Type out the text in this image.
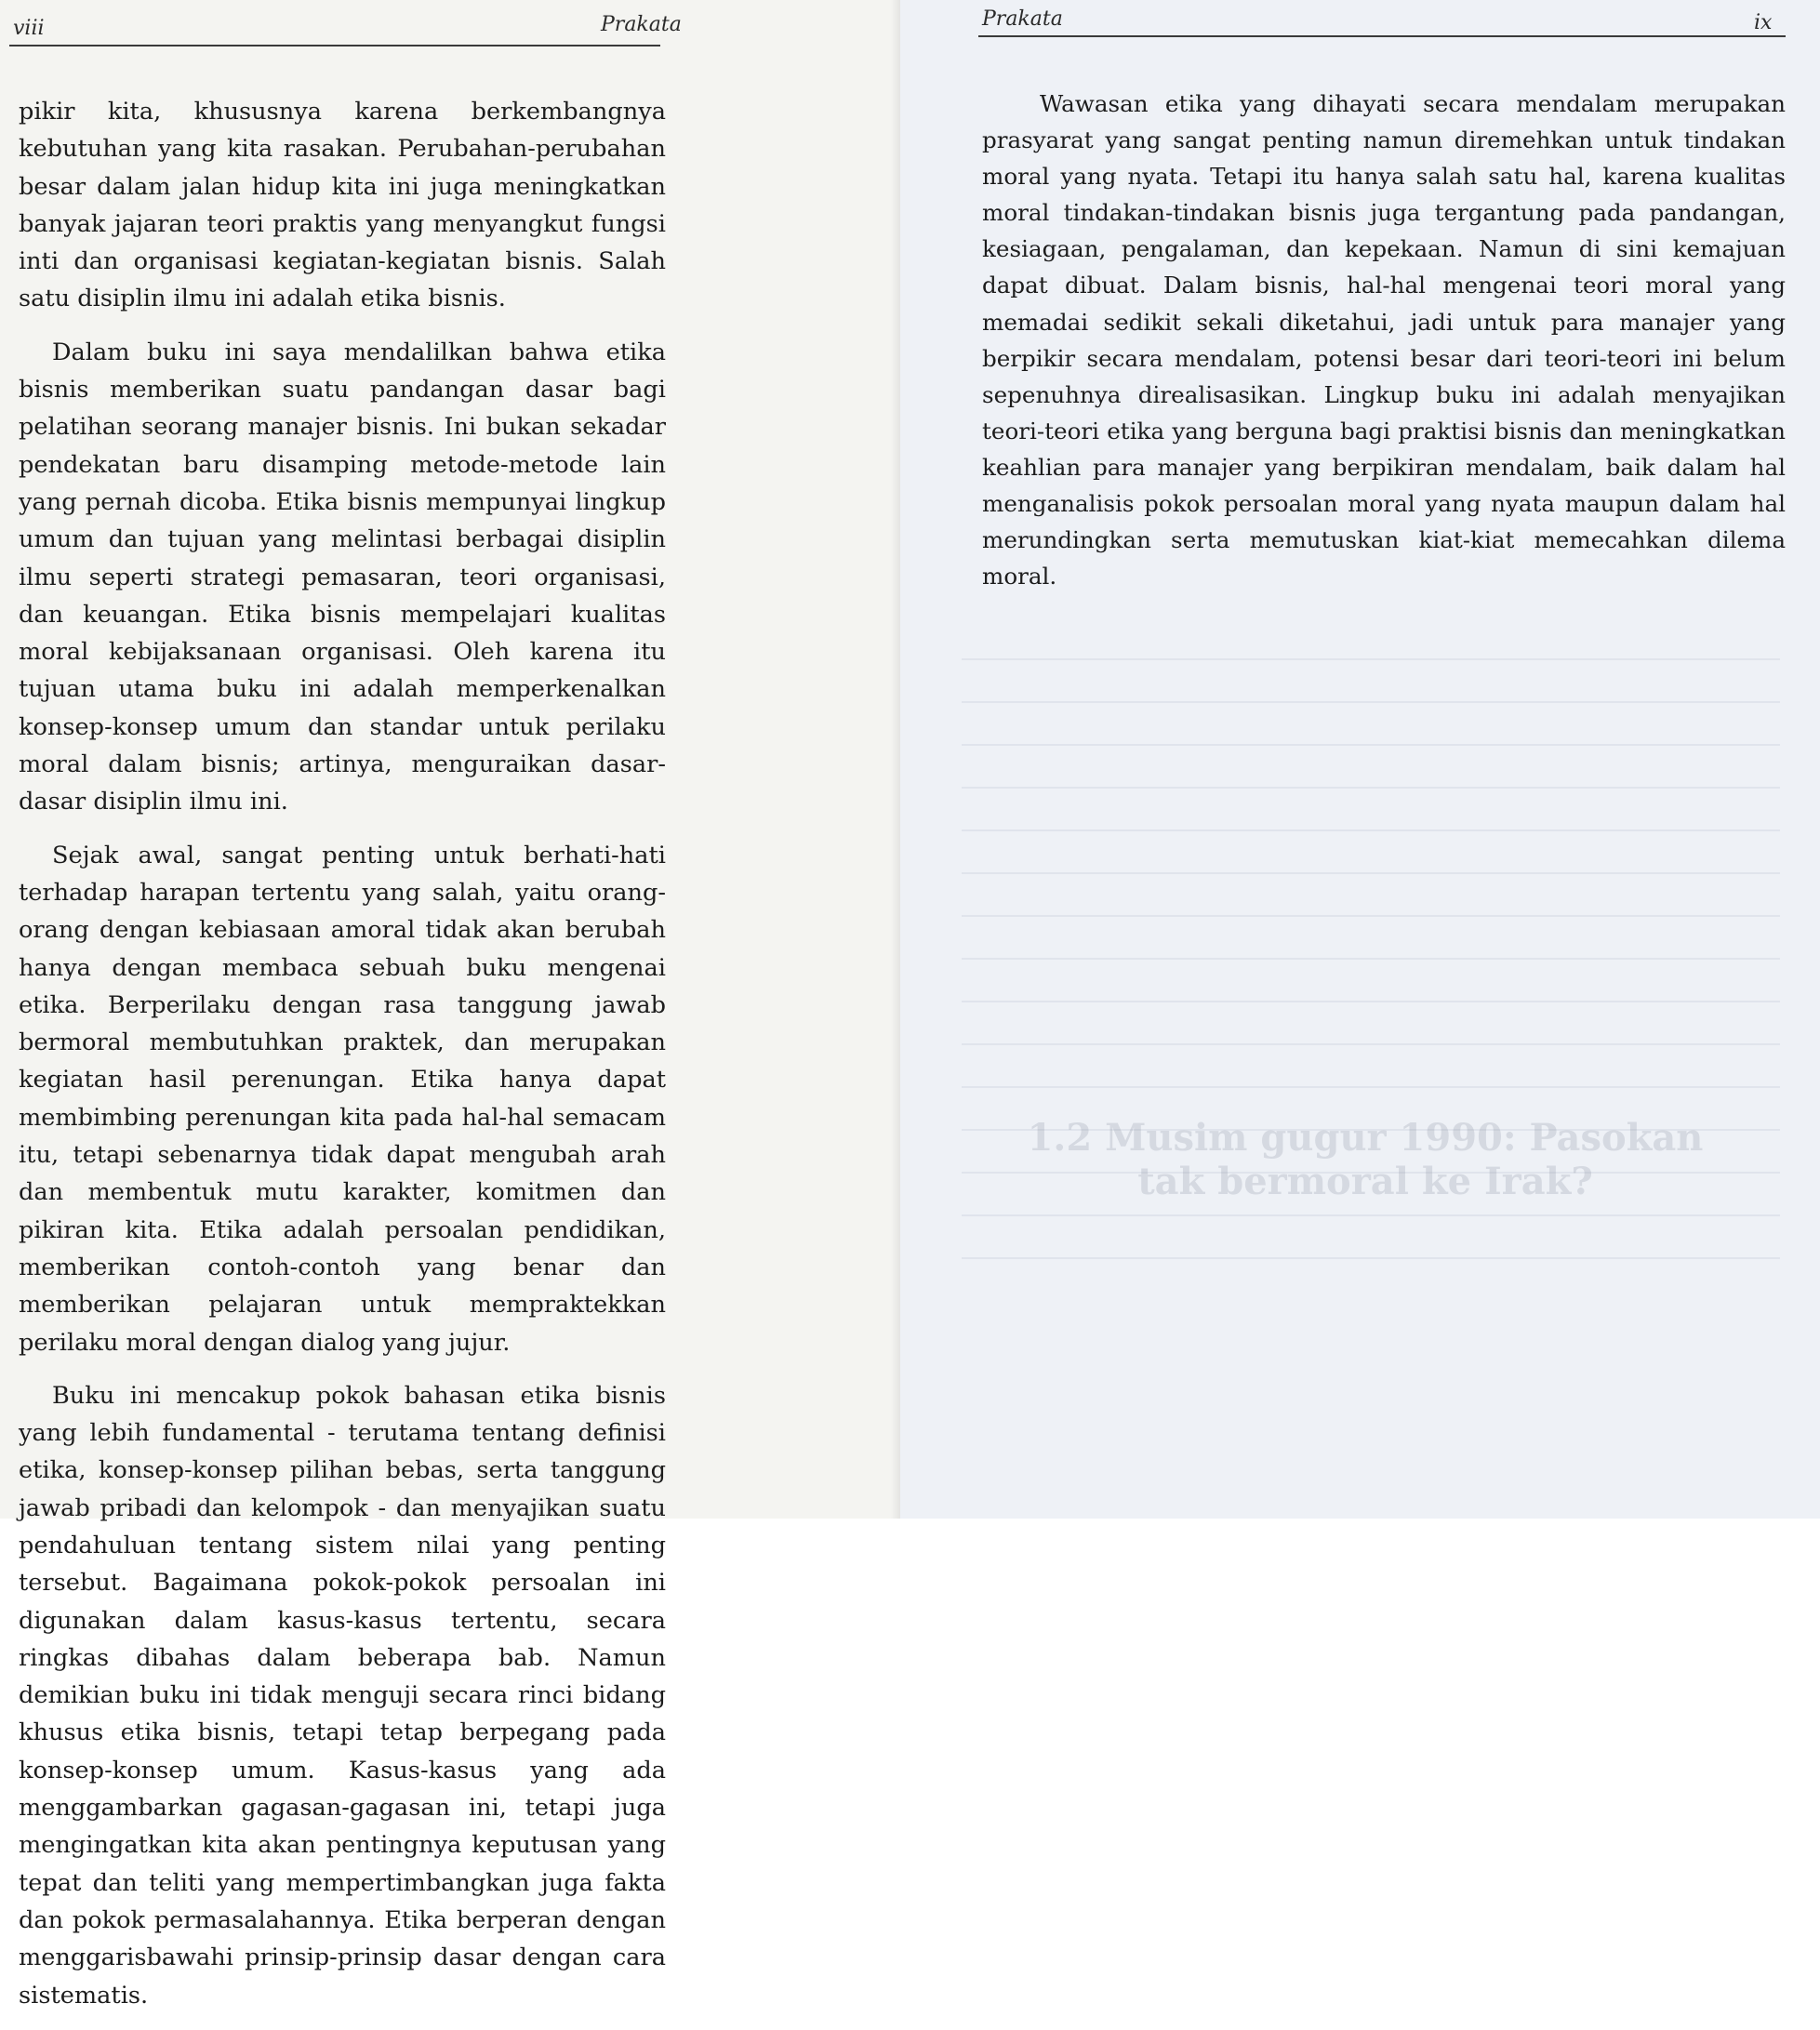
viii	Prakata

pikir kita, khususnya karena berkembangnya kebutuhan yang kita rasakan. Perubahan-perubahan besar dalam jalan hidup kita ini juga meningkatkan banyak jajaran teori praktis yang menyangkut fungsi inti dan organisasi kegiatan-kegiatan bisnis. Salah satu disiplin ilmu ini adalah etika bisnis.

Dalam buku ini saya mendalilkan bahwa etika bisnis memberikan suatu pandangan dasar bagi pelatihan seorang manajer bisnis. Ini bukan sekadar pendekatan baru disamping metode-metode lain yang pernah dicoba. Etika bisnis mempunyai lingkup umum dan tujuan yang melintasi berbagai disiplin ilmu seperti strategi pemasaran, teori organisasi, dan keuangan. Etika bisnis mempelajari kualitas moral kebijaksanaan organisasi. Oleh karena itu tujuan utama buku ini adalah memperkenalkan konsep-konsep umum dan standar untuk perilaku moral dalam bisnis; artinya, menguraikan dasar-dasar disiplin ilmu ini.

Sejak awal, sangat penting untuk berhati-hati terhadap harapan tertentu yang salah, yaitu orang-orang dengan kebiasaan amoral tidak akan berubah hanya dengan membaca sebuah buku mengenai etika. Berperilaku dengan rasa tanggung jawab bermoral membutuhkan praktek, dan merupakan kegiatan hasil perenungan. Etika hanya dapat membimbing perenungan kita pada hal-hal semacam itu, tetapi sebenarnya tidak dapat mengubah arah dan membentuk mutu karakter, komitmen dan pikiran kita. Etika adalah persoalan pendidikan, memberikan contoh-contoh yang benar dan memberikan pelajaran untuk mempraktekkan perilaku moral dengan dialog yang jujur.

Buku ini mencakup pokok bahasan etika bisnis yang lebih fundamental - terutama tentang definisi etika, konsep-konsep pilihan bebas, serta tanggung jawab pribadi dan kelompok - dan menyajikan suatu pendahuluan tentang sistem nilai yang penting tersebut. Bagaimana pokok-pokok persoalan ini digunakan dalam kasus-kasus tertentu, secara ringkas dibahas dalam beberapa bab. Namun demikian buku ini tidak menguji secara rinci bidang khusus etika bisnis, tetapi tetap berpegang pada konsep-konsep umum. Kasus-kasus yang ada menggambarkan gagasan-gagasan ini, tetapi juga mengingatkan kita akan pentingnya keputusan yang tepat dan teliti yang mempertimbangkan juga fakta dan pokok permasalahannya. Etika berperan dengan menggarisbawahi prinsip-prinsip dasar dengan cara sistematis.

1.2 Musim gugur 1990: Pasokan tak bermoral ke Irak?
Prakata	ix

Wawasan etika yang dihayati secara mendalam merupakan prasyarat yang sangat penting namun diremehkan untuk tindakan moral yang nyata. Tetapi itu hanya salah satu hal, karena kualitas moral tindakan-tindakan bisnis juga tergantung pada pandangan, kesiagaan, pengalaman, dan kepekaan. Namun di sini kemajuan dapat dibuat. Dalam bisnis, hal-hal mengenai teori moral yang memadai sedikit sekali diketahui, jadi untuk para manajer yang berpikir secara mendalam, potensi besar dari teori-teori ini belum sepenuhnya direalisasikan. Lingkup buku ini adalah menyajikan teori-teori etika yang berguna bagi praktisi bisnis dan meningkatkan keahlian para manajer yang berpikiran mendalam, baik dalam hal menganalisis pokok persoalan moral yang nyata maupun dalam hal merundingkan serta memutuskan kiat-kiat memecahkan dilema moral.
